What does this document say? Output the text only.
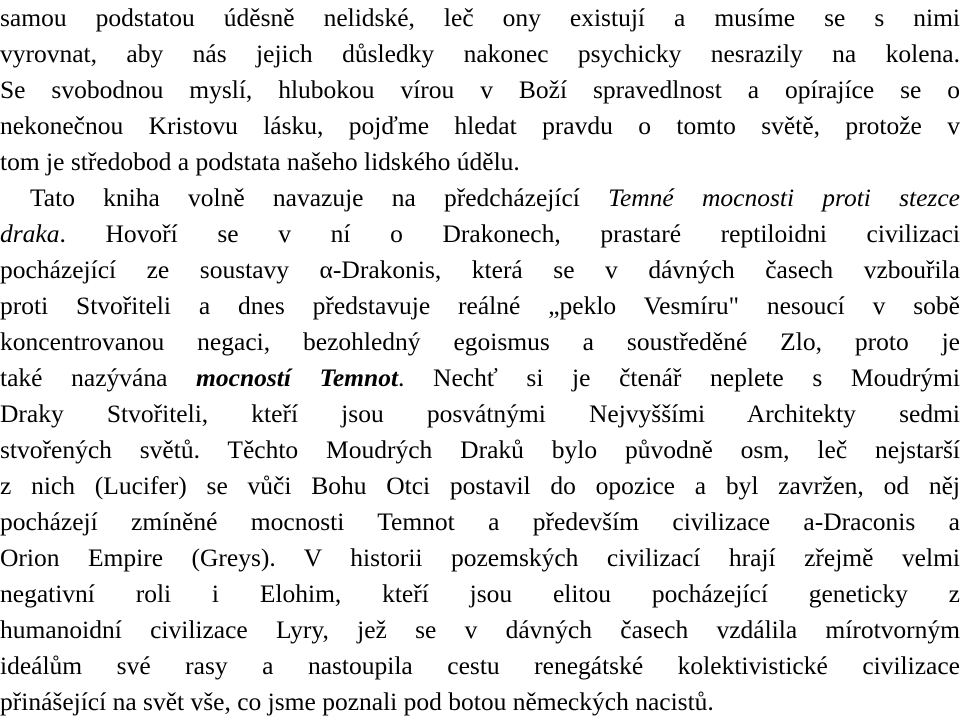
samou podstatou úděsně nelidské, leč ony existují a musíme se s nimi

vyrovnat, aby nás jejich důsledky nakonec psychicky nesrazily na kolena.

Se svobodnou myslí, hlubokou vírou v Boží spravedlnost a opírajíce se o

nekonečnou Kristovu lásku, pojďme hledat pravdu o tomto světě, protože v

tom je středobod a podstata našeho lidského údělu.

Tato kniha volně navazuje na předcházející Temné mocnosti proti stezce

draka. Hovoří se v ní o Drakonech, prastaré reptiloidni civilizaci

pocházející ze soustavy α-Drakonis, která se v dávných časech vzbouřila

proti Stvořiteli a dnes představuje reálné „peklo Vesmíru" nesoucí v sobě

koncentrovanou negaci, bezohledný egoismus a soustředěné Zlo, proto je

také nazývána mocností Temnot. Nechť si je čtenář neplete s Moudrými

Draky Stvořiteli, kteří jsou posvátnými Nejvyššími Architekty sedmi

stvořených světů. Těchto Moudrých Draků bylo původně osm, leč nejstarší

z nich (Lucifer) se vůči Bohu Otci postavil do opozice a byl zavržen, od něj

pocházejí zmíněné mocnosti Temnot a především civilizace a-Draconis a

Orion Empire (Greys). V historii pozemských civilizací hrají zřejmě velmi

negativní roli i Elohim, kteří jsou elitou pocházející geneticky z

humanoidní civilizace Lyry, jež se v dávných časech vzdálila mírotvorným

ideálům své rasy a nastoupila cestu renegátské kolektivistické civilizace

přinášející na svět vše, co jsme poznali pod botou německých nacistů.
